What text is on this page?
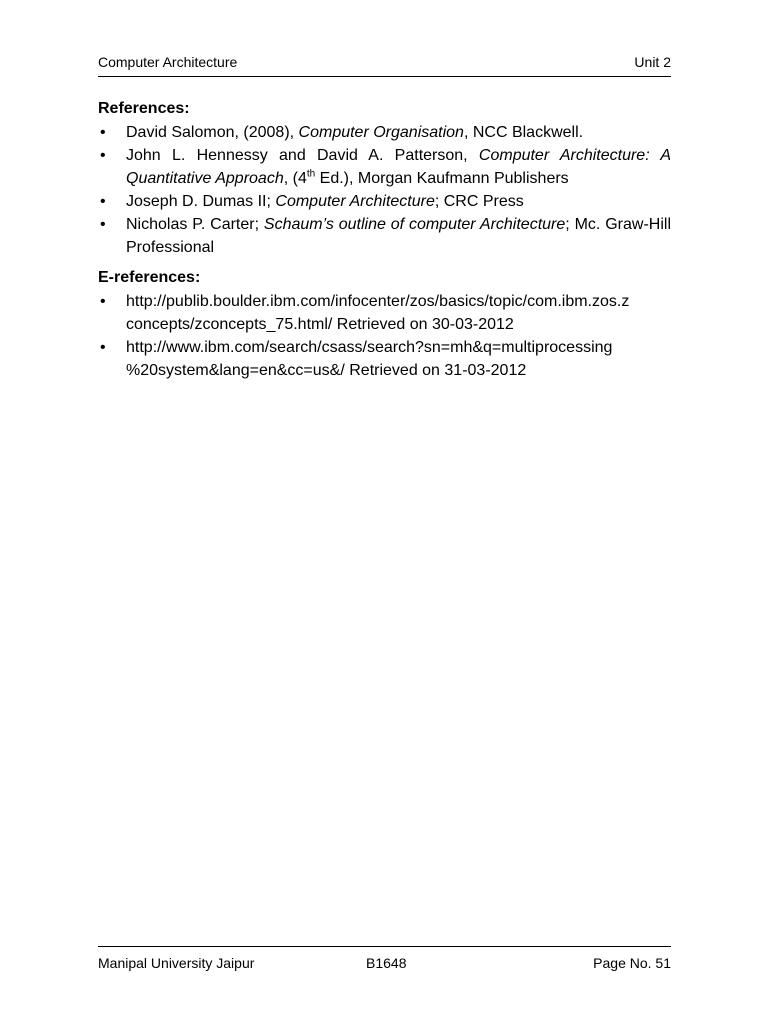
Computer Architecture	Unit 2
References:
• David Salomon, (2008), Computer Organisation, NCC Blackwell.
• John L. Hennessy and David A. Patterson, Computer Architecture: A Quantitative Approach, (4th Ed.), Morgan Kaufmann Publishers
• Joseph D. Dumas II; Computer Architecture; CRC Press
• Nicholas P. Carter; Schaum’s outline of computer Architecture; Mc. Graw-Hill Professional
E-references:
• http://publib.boulder.ibm.com/infocenter/zos/basics/topic/com.ibm.zos.z
concepts/zconcepts_75.html/ Retrieved on 30-03-2012
• http://www.ibm.com/search/csass/search?sn=mh&q=multiprocessing
%20system&lang=en&cc=us&/ Retrieved on 31-03-2012
Manipal University Jaipur	B1648	Page No. 51
